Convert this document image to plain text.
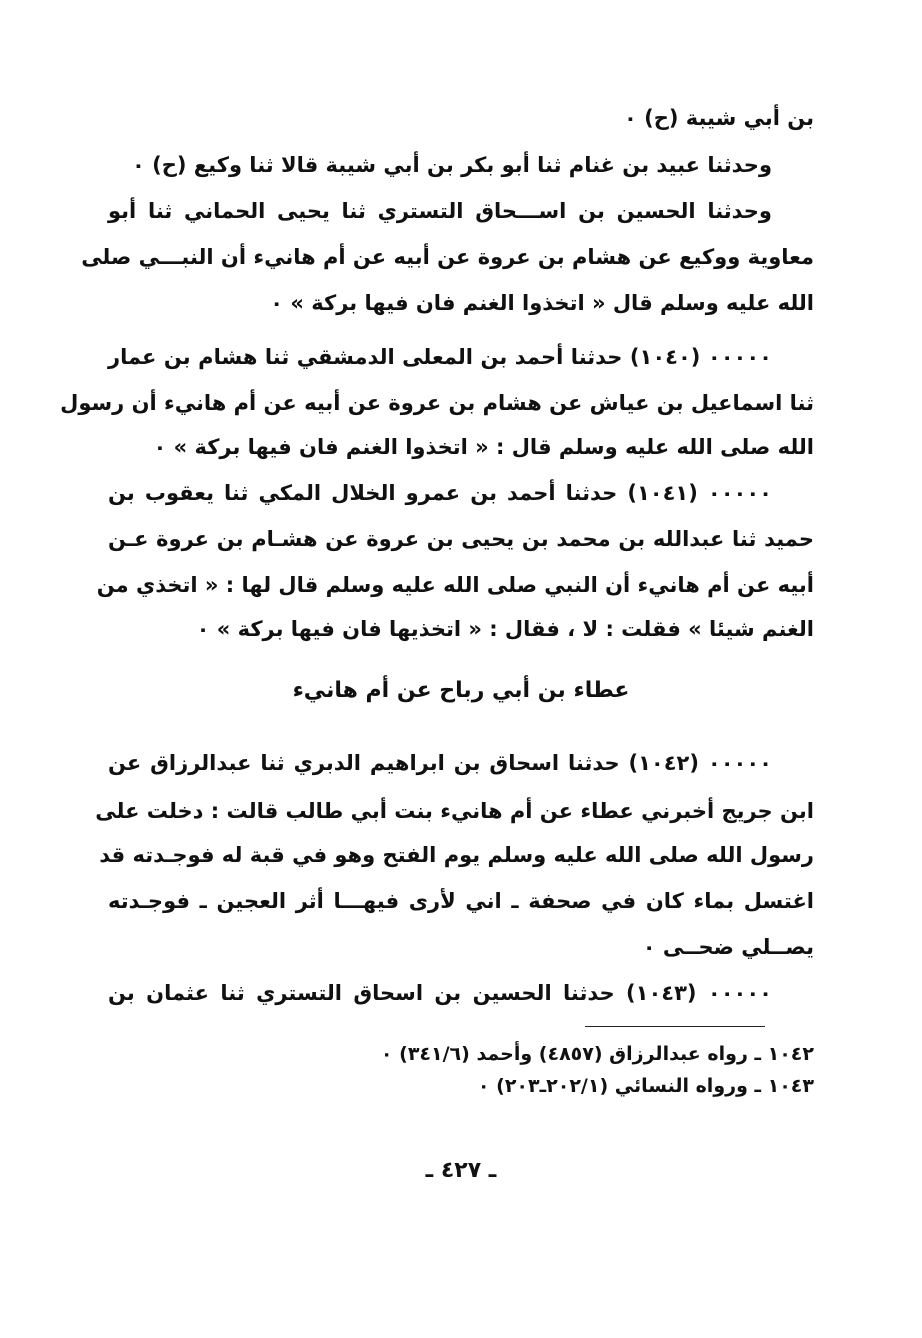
بن أبي شيبة (ح) ٠
وحدثنا عبيد بن غنام ثنا أبو بكر بن أبي شيبة قالا ثنا وكيع (ح) ٠
وحدثنا الحسين بن اســـحاق التستري ثنا يحيى الحماني ثنا أبو
معاوية ووكيع عن هشام بن عروة عن أبيه عن أم هانيء أن النبـــي صلى
الله عليه وسلم قال « اتخذوا الغنم فان فيها بركة » ٠
٠٠٠٠٠ (١٠٤٠) حدثنا أحمد بن المعلى الدمشقي ثنا هشام بن عمار
ثنا اسماعيل بن عياش عن هشام بن عروة عن أبيه عن أم هانيء أن رسول
الله صلى الله عليه وسلم قال : « اتخذوا الغنم فان فيها بركة » ٠
٠٠٠٠٠ (١٠٤١) حدثنا أحمد بن عمرو الخلال المكي ثنا يعقوب بن
حميد ثنا عبدالله بن محمد بن يحيى بن عروة عن هشـام بن عروة عـن
أبيه عن أم هانيء أن النبي صلى الله عليه وسلم قال لها : « اتخذي من
الغنم شيئا » فقلت : لا ، فقال : « اتخذيها فان فيها بركة » ٠
عطاء بن أبي رباح عن أم هانيء
٠٠٠٠٠ (١٠٤٢) حدثنا اسحاق بن ابراهيم الدبري ثنا عبدالرزاق عن
ابن جريج أخبرني عطاء عن أم هانيء بنت أبي طالب قالت : دخلت على
رسول الله صلى الله عليه وسلم يوم الفتح وهو في قبة له فوجـدته قد
اغتسل بماء كان في صحفة ـ اني لأرى فيهـــا أثر العجين ـ فوجـدته
يصــلي ضحــى ٠
٠٠٠٠٠ (١٠٤٣) حدثنا الحسين بن اسحاق التستري ثنا عثمان بن
١٠٤٢ ـ رواه عبدالرزاق (٤٨٥٧) وأحمد (٣٤١/٦) ٠
١٠٤٣ ـ ورواه النسائي (٢٠٢/١ـ٢٠٣) ٠
ـ ٤٢٧ ـ
